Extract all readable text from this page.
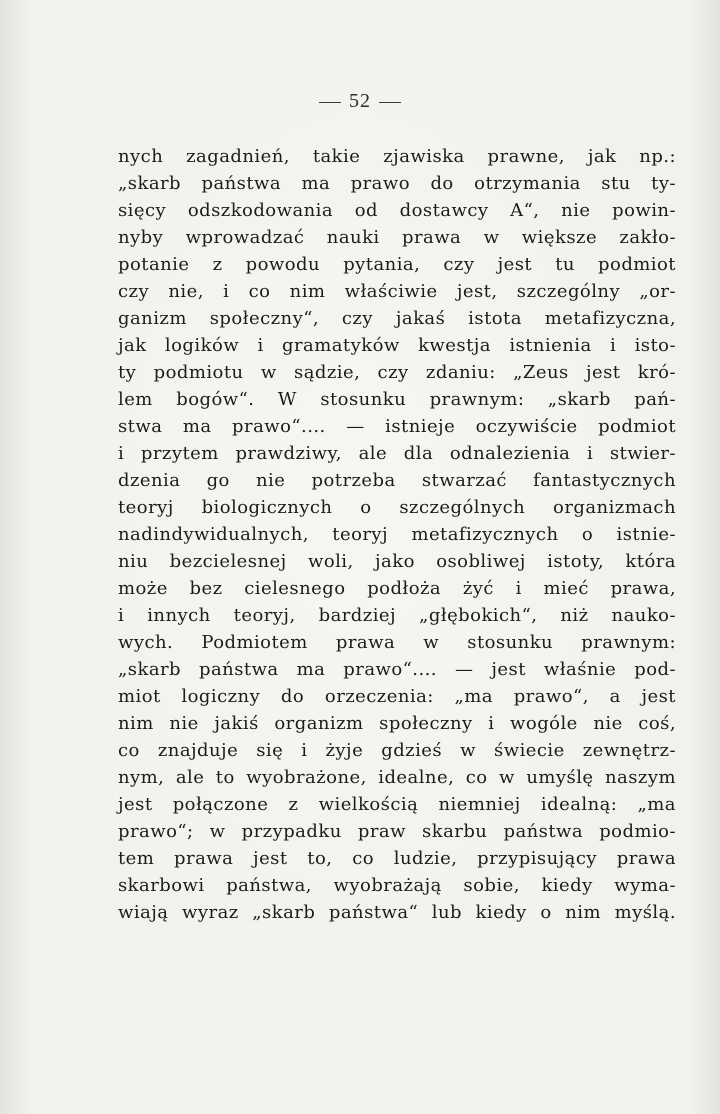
52
nych zagadnień, takie zjawiska prawne, jak np.:
„skarb państwa ma prawo do otrzymania stu ty-
sięcy odszkodowania od dostawcy A“, nie powin-
nyby wprowadzać nauki prawa w większe zakło-
potanie z powodu pytania, czy jest tu podmiot
czy nie, i co nim właściwie jest, szczególny „or-
ganizm społeczny“, czy jakaś istota metafizyczna,
jak logików i gramatyków kwestja istnienia i isto-
ty podmiotu w sądzie, czy zdaniu: „Zeus jest kró-
lem bogów“. W stosunku prawnym: „skarb pań-
stwa ma prawo“.... — istnieje oczywiście podmiot
i przytem prawdziwy, ale dla odnalezienia i stwier-
dzenia go nie potrzeba stwarzać fantastycznych
teoryj biologicznych o szczególnych organizmach
nadindywidualnych, teoryj metafizycznych o istnie-
niu bezcielesnej woli, jako osobliwej istoty, która
może bez cielesnego podłoża żyć i mieć prawa,
i innych teoryj, bardziej „głębokich“, niż nauko-
wych. Podmiotem prawa w stosunku prawnym:
„skarb państwa ma prawo“.... — jest właśnie pod-
miot logiczny do orzeczenia: „ma prawo“, a jest
nim nie jakiś organizm społeczny i wogóle nie coś,
co znajduje się i żyje gdzieś w świecie zewnętrz-
nym, ale to wyobrażone, idealne, co w umyślę naszym
jest połączone z wielkością niemniej idealną: „ma
prawo“; w przypadku praw skarbu państwa podmio-
tem prawa jest to, co ludzie, przypisujący prawa
skarbowi państwa, wyobrażają sobie, kiedy wyma-
wiają wyraz „skarb państwa“ lub kiedy o nim myślą.
